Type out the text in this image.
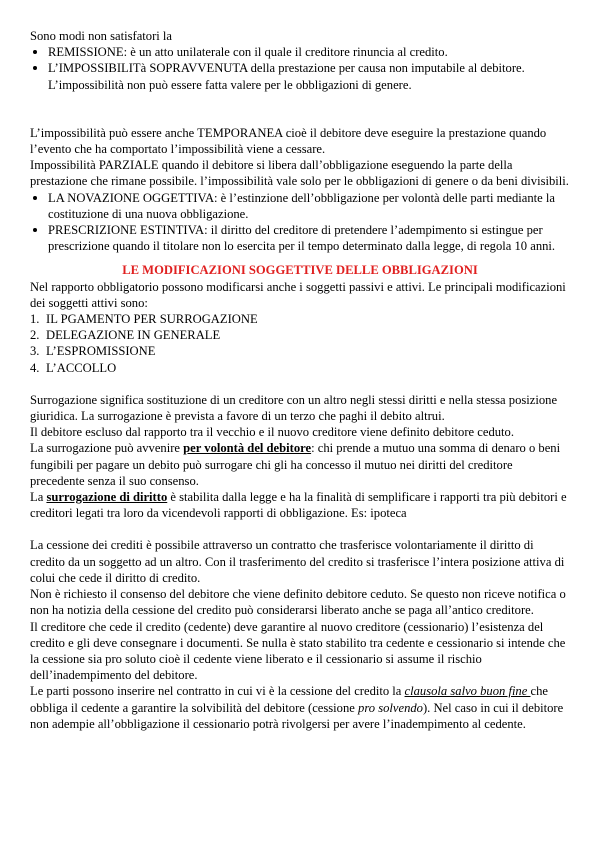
Sono modi non satisfatori la

REMISSIONE: è un atto unilaterale con il quale il creditore rinuncia al credito.
L’IMPOSSIBILITà SOPRAVVENUTA della prestazione per causa non imputabile al debitore. L’impossibilità non può essere fatta valere per le obbligazioni di genere.

L’impossibilità può essere anche TEMPORANEA cioè il debitore deve eseguire la prestazione quando l’evento che ha comportato l’impossibilità viene a cessare.

Impossibilità PARZIALE quando il debitore si libera dall’obbligazione eseguendo la parte della prestazione che rimane possibile. l’impossibilità vale solo per le obbligazioni di genere o da beni divisibili.

LA NOVAZIONE OGGETTIVA: è l’estinzione dell’obbligazione per volontà delle parti mediante la costituzione di una nuova obbligazione.
PRESCRIZIONE ESTINTIVA: il diritto del creditore di pretendere l’adempimento si estingue per prescrizione quando il titolare non lo esercita per il tempo determinato dalla legge, di regola 10 anni.

LE MODIFICAZIONI SOGGETTIVE DELLE OBBLIGAZIONI

Nel rapporto obbligatorio possono modificarsi anche i soggetti passivi e attivi. Le principali modificazioni dei soggetti attivi sono:

1. IL PGAMENTO PER SURROGAZIONE
2. DELEGAZIONE IN GENERALE
3. L’ESPROMISSIONE
4. L’ACCOLLO

Surrogazione significa sostituzione di un creditore con un altro negli stessi diritti e nella stessa posizione giuridica. La surrogazione è prevista a favore di un terzo che paghi il debito altrui.

Il debitore escluso dal rapporto tra il vecchio e il nuovo creditore viene definito debitore ceduto.

La surrogazione può avvenire per volontà del debitore: chi prende a mutuo una somma di denaro o beni fungibili per pagare un debito può surrogare chi gli ha concesso il mutuo nei diritti del creditore precedente senza il suo consenso.

La surrogazione di diritto è stabilita dalla legge e ha la finalità di semplificare i rapporti tra più debitori e creditori legati tra loro da vicendevoli rapporti di obbligazione. Es: ipoteca

La cessione dei crediti è possibile attraverso un contratto che trasferisce volontariamente il diritto di credito da un soggetto ad un altro. Con il trasferimento del credito si trasferisce l’intera posizione attiva di colui che cede il diritto di credito.

Non è richiesto il consenso del debitore che viene definito debitore ceduto. Se questo non riceve notifica o non ha notizia della cessione del credito può considerarsi liberato anche se paga all’antico creditore.

Il creditore che cede il credito (cedente) deve garantire al nuovo creditore (cessionario) l’esistenza del credito e gli deve consegnare i documenti. Se nulla è stato stabilito tra cedente e cessionario si intende che la cessione sia pro soluto cioè il cedente viene liberato e il cessionario si assume il rischio dell’inadempimento del debitore.

Le parti possono inserire nel contratto in cui vi è la cessione del credito la clausola salvo buon fine che obbliga il cedente a garantire la solvibilità del debitore (cessione pro solvendo). Nel caso in cui il debitore non adempie all’obbligazione il cessionario potrà rivolgersi per avere l’inadempimento al cedente.
